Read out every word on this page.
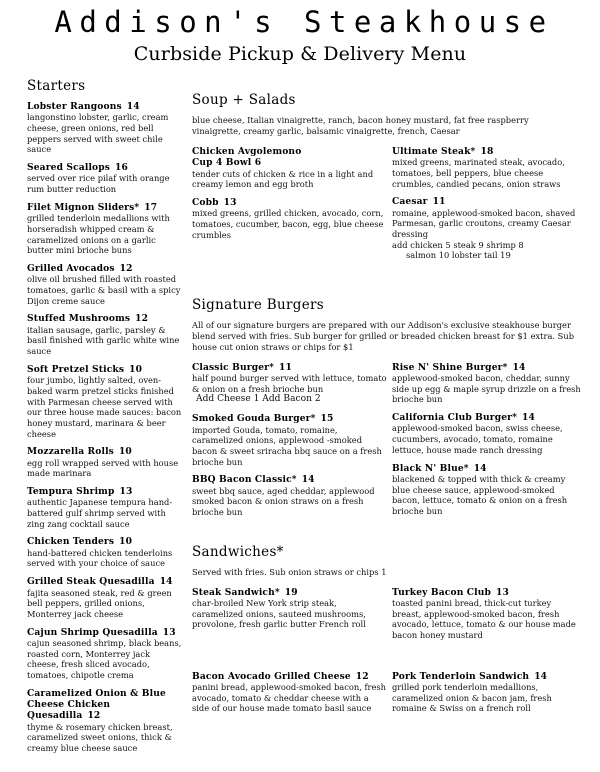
Addison's Steakhouse
Curbside Pickup & Delivery Menu
Starters

Lobster Rangoons 14

langonstino lobster, garlic, cream cheese, green onions, red bell peppers served with sweet chile sauce

Seared Scallops 16

served over rice pilaf with orange rum butter reduction

Filet Mignon Sliders* 17

grilled tenderloin medallions with horseradish whipped cream & caramelized onions on a garlic butter mini brioche buns

Grilled Avocados 12

olive oil brushed filled with roasted tomatoes, garlic & basil with a spicy Dijon creme sauce

Stuffed Mushrooms 12

italian sausage, garlic, parsley & basil finished with garlic white wine sauce

Soft Pretzel Sticks 10

four jumbo, lightly salted, oven-baked warm pretzel sticks finished with Parmesan cheese served with our three house made sauces: bacon honey mustard, marinara & beer cheese

Mozzarella Rolls 10

egg roll wrapped served with house made marinara

Tempura Shrimp 13

authentic Japanese tempura hand-battered gulf shrimp served with zing zang cocktail sauce

Chicken Tenders 10

hand-battered chicken tenderloins served with your choice of sauce

Grilled Steak Quesadilla 14

fajita seasoned steak, red & green bell peppers, grilled onions, Monterrey jack cheese

Cajun Shrimp Quesadilla 13

cajun seasoned shrimp, black beans, roasted corn, Monterrey jack cheese, fresh sliced avocado, tomatoes, chipotle crema

Caramelized Onion & Blue Cheese Chicken Quesadilla 12

thyme & rosemary chicken breast, caramelized sweet onions, thick & creamy blue cheese sauce

Soup + Salads

blue cheese, Italian vinaigrette, ranch, bacon honey mustard, fat free raspberry vinaigrette, creamy garlic, balsamic vinaigrette, french, Caesar

Chicken Avgolemono

Cup 4 Bowl 6

tender cuts of chicken & rice in a light and creamy lemon and egg broth

Cobb 13

mixed greens, grilled chicken, avocado, corn, tomatoes, cucumber, bacon, egg, blue cheese crumbles

Ultimate Steak* 18

mixed greens, marinated steak, avocado, tomatoes, bell peppers, blue cheese crumbles, candied pecans, onion straws

Caesar 11

romaine, applewood-smoked bacon, shaved Parmesan, garlic croutons, creamy Caesar dressing

add chicken 5 steak 9 shrimp 8

salmon 10 lobster tail 19

Signature Burgers

All of our signature burgers are prepared with our Addison's exclusive steakhouse burger blend served with fries. Sub burger for grilled or breaded chicken breast for $1 extra. Sub house cut onion straws or chips for $1

Classic Burger* 11

half pound burger served with lettuce, tomato & onion on a fresh brioche bun

Add Cheese 1 Add Bacon 2

Smoked Gouda Burger* 15

imported Gouda, tomato, romaine, caramelized onions, applewood -smoked bacon & sweet sriracha bbq sauce on a fresh brioche bun

BBQ Bacon Classic* 14

sweet bbq sauce, aged cheddar, applewood smoked bacon & onion straws on a fresh brioche bun

Rise N' Shine Burger* 14

applewood-smoked bacon, cheddar, sunny side up egg & maple syrup drizzle on a fresh brioche bun

California Club Burger* 14

applewood-smoked bacon, swiss cheese, cucumbers, avocado, tomato, romaine lettuce, house made ranch dressing

Black N' Blue* 14

blackened & topped with thick & creamy blue cheese sauce, applewood-smoked bacon, lettuce, tomato & onion on a fresh brioche bun

Sandwiches*

Served with fries. Sub onion straws or chips 1

Steak Sandwich* 19

char-broiled New York strip steak, caramelized onions, sauteed mushrooms, provolone, fresh garlic butter French roll

Turkey Bacon Club 13

toasted panini bread, thick-cut turkey breast, applewood-smoked bacon, fresh avocado, lettuce, tomato & our house made bacon honey mustard

Bacon Avocado Grilled Cheese 12

panini bread, applewood-smoked bacon, fresh avocado, tomato & cheddar cheese with a side of our house made tomato basil sauce

Pork Tenderloin Sandwich 14

grilled pork tenderloin medallions, caramelized onion & bacon jam, fresh romaine & Swiss on a french roll
